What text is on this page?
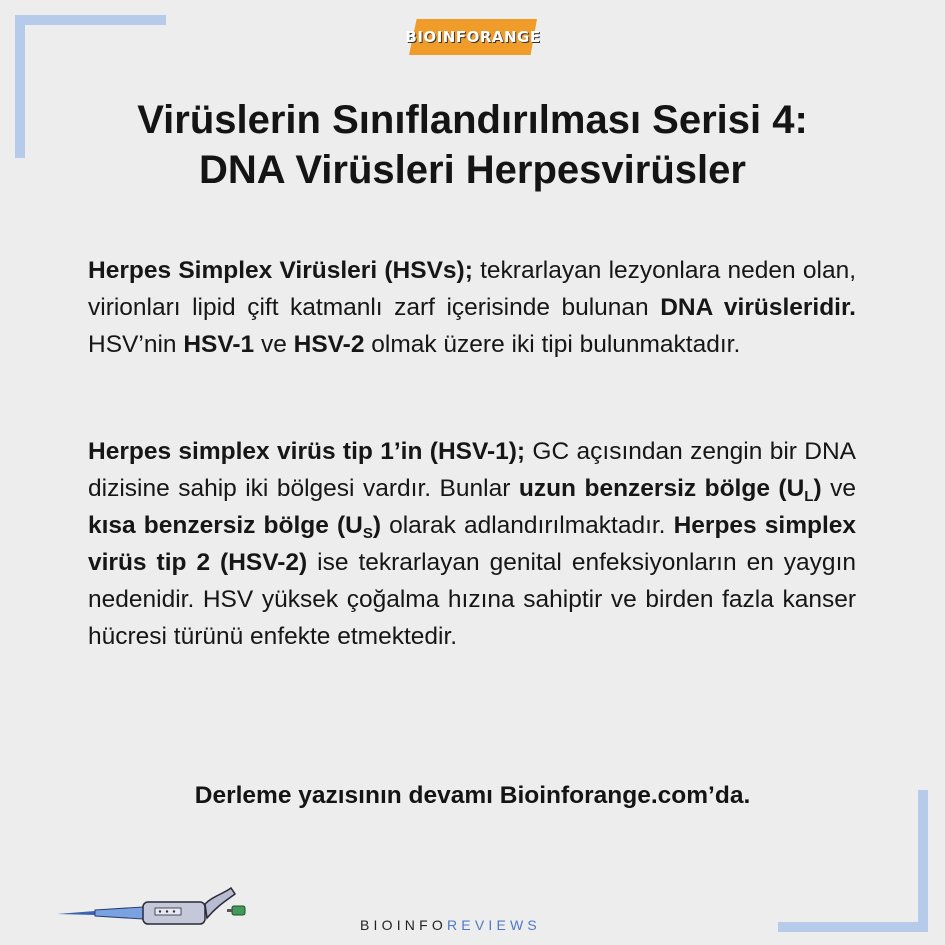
BIOINFORANGE
Virüslerin Sınıflandırılması Serisi 4:
DNA Virüsleri Herpesvirüsler
Herpes Simplex Virüsleri (HSVs); tekrarlayan lezyonlara neden olan, virionları lipid çift katmanlı zarf içerisinde bulunan DNA virüsleridir. HSV’nin HSV-1 ve HSV-2 olmak üzere iki tipi bulunmaktadır.
Herpes simplex virüs tip 1’in (HSV-1); GC açısından zengin bir DNA dizisine sahip iki bölgesi vardır. Bunlar uzun benzersiz bölge $(U_L)$ ve kısa benzersiz bölge $(U_S)$ olarak adlandırılmaktadır. Herpes simplex virüs tip 2 (HSV-2) ise tekrarlayan genital enfeksiyonların en yaygın nedenidir. HSV yüksek çoğalma hızına sahiptir ve birden fazla kanser hücresi türünü enfekte etmektedir.
Derleme yazısının devamı Bioinforange.com’da.
BIOINFOREVIEWS
